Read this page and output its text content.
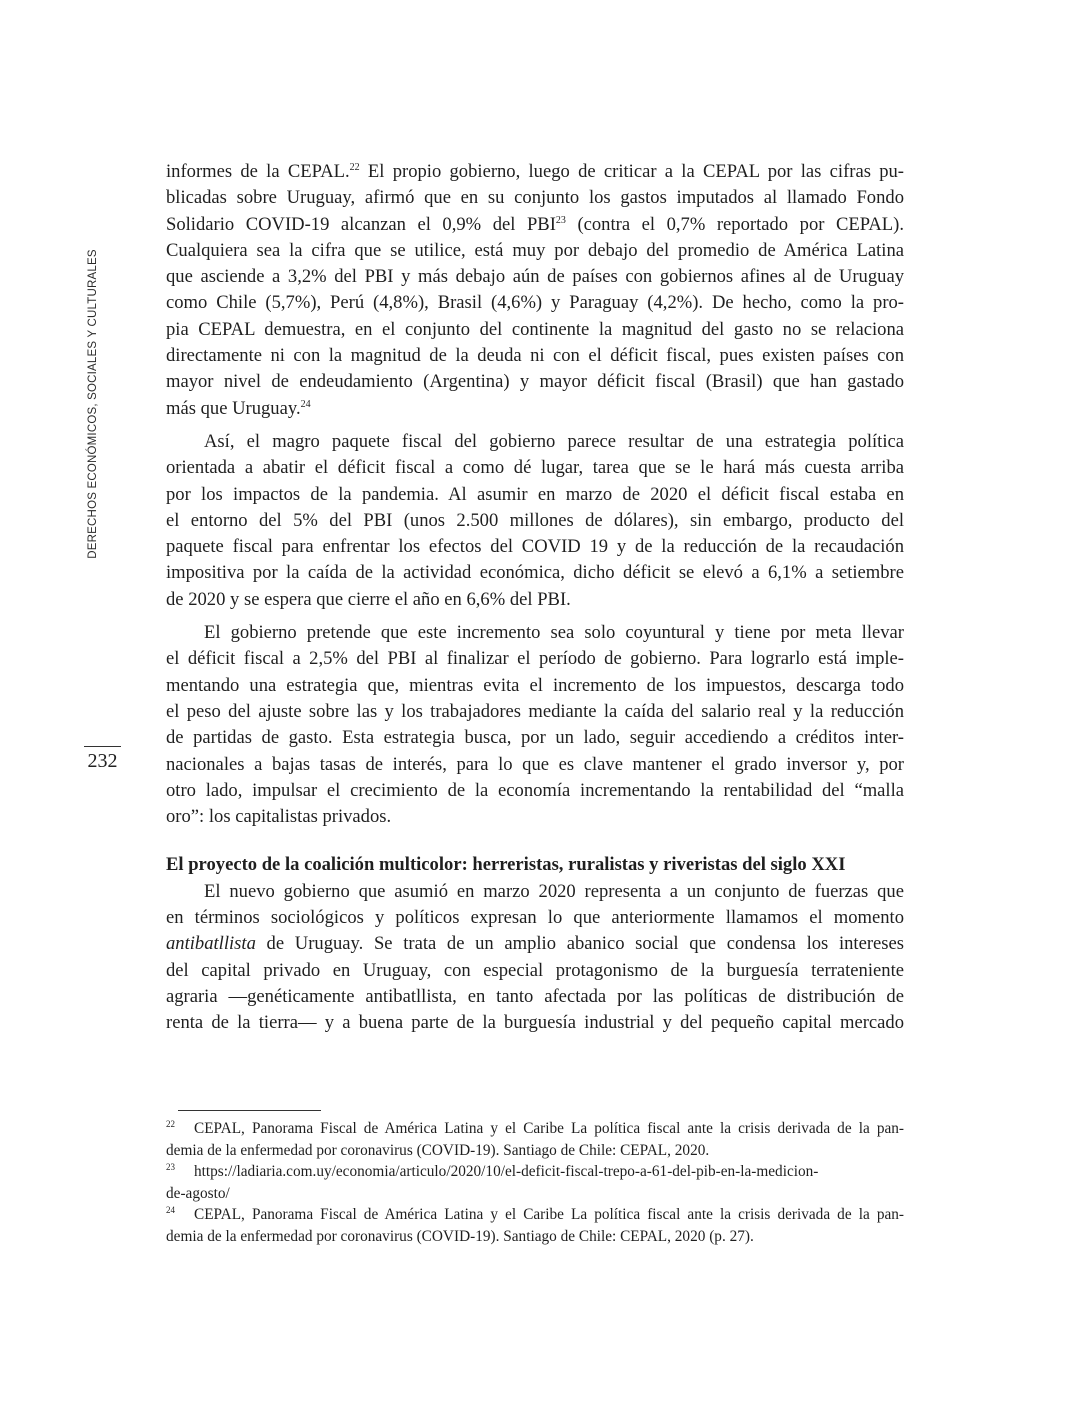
DERECHOS ECONÓMICOS, SOCIALES Y CULTURALES
232
informes de la CEPAL.$^{22}$ El propio gobierno, luego de criticar a la CEPAL por las cifras pu-
blicadas sobre Uruguay, afirmó que en su conjunto los gastos imputados al llamado Fondo
Solidario COVID-19 alcanzan el 0,9% del PBI$^{23}$ (contra el 0,7% reportado por CEPAL).
Cualquiera sea la cifra que se utilice, está muy por debajo del promedio de América Latina
que asciende a 3,2% del PBI y más debajo aún de países con gobiernos afines al de Uruguay
como Chile (5,7%), Perú (4,8%), Brasil (4,6%) y Paraguay (4,2%). De hecho, como la pro-
pia CEPAL demuestra, en el conjunto del continente la magnitud del gasto no se relaciona
directamente ni con la magnitud de la deuda ni con el déficit fiscal, pues existen países con
mayor nivel de endeudamiento (Argentina) y mayor déficit fiscal (Brasil) que han gastado
más que Uruguay.$^{24}$
Así, el magro paquete fiscal del gobierno parece resultar de una estrategia política
orientada a abatir el déficit fiscal a como dé lugar, tarea que se le hará más cuesta arriba
por los impactos de la pandemia. Al asumir en marzo de 2020 el déficit fiscal estaba en
el entorno del 5% del PBI (unos 2.500 millones de dólares), sin embargo, producto del
paquete fiscal para enfrentar los efectos del COVID 19 y de la reducción de la recaudación
impositiva por la caída de la actividad económica, dicho déficit se elevó a 6,1% a setiembre
de 2020 y se espera que cierre el año en 6,6% del PBI.
El gobierno pretende que este incremento sea solo coyuntural y tiene por meta llevar
el déficit fiscal a 2,5% del PBI al finalizar el período de gobierno. Para lograrlo está imple-
mentando una estrategia que, mientras evita el incremento de los impuestos, descarga todo
el peso del ajuste sobre las y los trabajadores mediante la caída del salario real y la reducción
de partidas de gasto. Esta estrategia busca, por un lado, seguir accediendo a créditos inter-
nacionales a bajas tasas de interés, para lo que es clave mantener el grado inversor y, por
otro lado, impulsar el crecimiento de la economía incrementando la rentabilidad del “malla
oro”: los capitalistas privados.
El proyecto de la coalición multicolor: herreristas, ruralistas y riveristas del siglo XXI
El nuevo gobierno que asumió en marzo 2020 representa a un conjunto de fuerzas que
en términos sociológicos y políticos expresan lo que anteriormente llamamos el momento
antibatllista de Uruguay. Se trata de un amplio abanico social que condensa los intereses
del capital privado en Uruguay, con especial protagonismo de la burguesía terrateniente
agraria —genéticamente antibatllista, en tanto afectada por las políticas de distribución de
renta de la tierra— y a buena parte de la burguesía industrial y del pequeño capital mercado
22 CEPAL, Panorama Fiscal de América Latina y el Caribe La política fiscal ante la crisis derivada de la pan-
demia de la enfermedad por coronavirus (COVID-19). Santiago de Chile: CEPAL, 2020.
23 https://ladiaria.com.uy/economia/articulo/2020/10/el-deficit-fiscal-trepo-a-61-del-pib-en-la-medicion-
de-agosto/
24 CEPAL, Panorama Fiscal de América Latina y el Caribe La política fiscal ante la crisis derivada de la pan-
demia de la enfermedad por coronavirus (COVID-19). Santiago de Chile: CEPAL, 2020 (p. 27).
